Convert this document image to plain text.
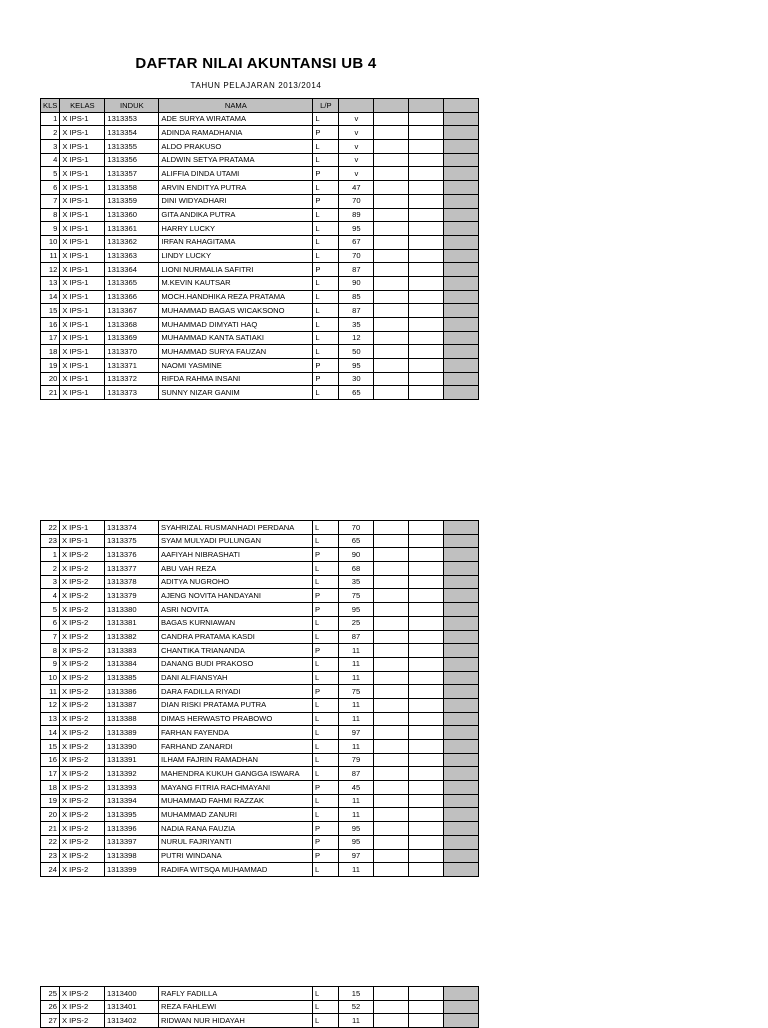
DAFTAR NILAI AKUNTANSI UB 4
TAHUN PELAJARAN 2013/2014
KLS	KELAS	INDUK	NAMA	L/P				
1	X IPS-1	1313353	ADE SURYA WIRATAMA	L	v			
2	X IPS-1	1313354	ADINDA RAMADHANIA	P	v			
3	X IPS-1	1313355	ALDO PRAKUSO	L	v			
4	X IPS-1	1313356	ALDWIN SETYA PRATAMA	L	v			
5	X IPS-1	1313357	ALIFFIA DINDA UTAMI	P	v			
6	X IPS-1	1313358	ARVIN ENDITYA PUTRA	L	47			
7	X IPS-1	1313359	DINI WIDYADHARI	P	70			
8	X IPS-1	1313360	GITA ANDIKA PUTRA	L	89			
9	X IPS-1	1313361	HARRY LUCKY	L	95			
10	X IPS-1	1313362	IRFAN RAHAGITAMA	L	67			
11	X IPS-1	1313363	LINDY LUCKY	L	70			
12	X IPS-1	1313364	LIONI NURMALIA SAFITRI	P	87			
13	X IPS-1	1313365	M.KEVIN KAUTSAR	L	90			
14	X IPS-1	1313366	MOCH.HANDHIKA REZA PRATAMA	L	85			
15	X IPS-1	1313367	MUHAMMAD BAGAS WICAKSONO	L	87			
16	X IPS-1	1313368	MUHAMMAD DIMYATI HAQ	L	35			
17	X IPS-1	1313369	MUHAMMAD KANTA SATIAKI	L	12			
18	X IPS-1	1313370	MUHAMMAD SURYA FAUZAN	L	50			
19	X IPS-1	1313371	NAOMI YASMINE	P	95			
20	X IPS-1	1313372	RIFDA RAHMA INSANI	P	30			
21	X IPS-1	1313373	SUNNY NIZAR GANIM	L	65			
22	X IPS-1	1313374	SYAHRIZAL RUSMANHADI PERDANA	L	70			
23	X IPS-1	1313375	SYAM MULYADI PULUNGAN	L	65			
1	X IPS-2	1313376	AAFIYAH NIBRASHATI	P	90			
2	X IPS-2	1313377	ABU VAH REZA	L	68			
3	X IPS-2	1313378	ADITYA NUGROHO	L	35			
4	X IPS-2	1313379	AJENG NOVITA HANDAYANI	P	75			
5	X IPS-2	1313380	ASRI NOVITA	P	95			
6	X IPS-2	1313381	BAGAS KURNIAWAN	L	25			
7	X IPS-2	1313382	CANDRA PRATAMA KASDI	L	87			
8	X IPS-2	1313383	CHANTIKA TRIANANDA	P	11			
9	X IPS-2	1313384	DANANG BUDI PRAKOSO	L	11			
10	X IPS-2	1313385	DANI ALFIANSYAH	L	11			
11	X IPS-2	1313386	DARA FADILLA RIYADI	P	75			
12	X IPS-2	1313387	DIAN RISKI PRATAMA PUTRA	L	11			
13	X IPS-2	1313388	DIMAS HERWASTO PRABOWO	L	11			
14	X IPS-2	1313389	FARHAN FAYENDA	L	97			
15	X IPS-2	1313390	FARHAND ZANARDI	L	11			
16	X IPS-2	1313391	ILHAM FAJRIN RAMADHAN	L	79			
17	X IPS-2	1313392	MAHENDRA KUKUH GANGGA ISWARA	L	87			
18	X IPS-2	1313393	MAYANG FITRIA RACHMAYANI	P	45			
19	X IPS-2	1313394	MUHAMMAD FAHMI RAZZAK	L	11			
20	X IPS-2	1313395	MUHAMMAD ZANURI	L	11			
21	X IPS-2	1313396	NADIA RANA FAUZIA	P	95			
22	X IPS-2	1313397	NURUL FAJRIYANTI	P	95			
23	X IPS-2	1313398	PUTRI WINDANA	P	97			
24	X IPS-2	1313399	RADIFA WITSQA MUHAMMAD	L	11			
25	X IPS-2	1313400	RAFLY FADILLA	L	15			
26	X IPS-2	1313401	REZA FAHLEWI	L	52			
27	X IPS-2	1313402	RIDWAN NUR HIDAYAH	L	11			
